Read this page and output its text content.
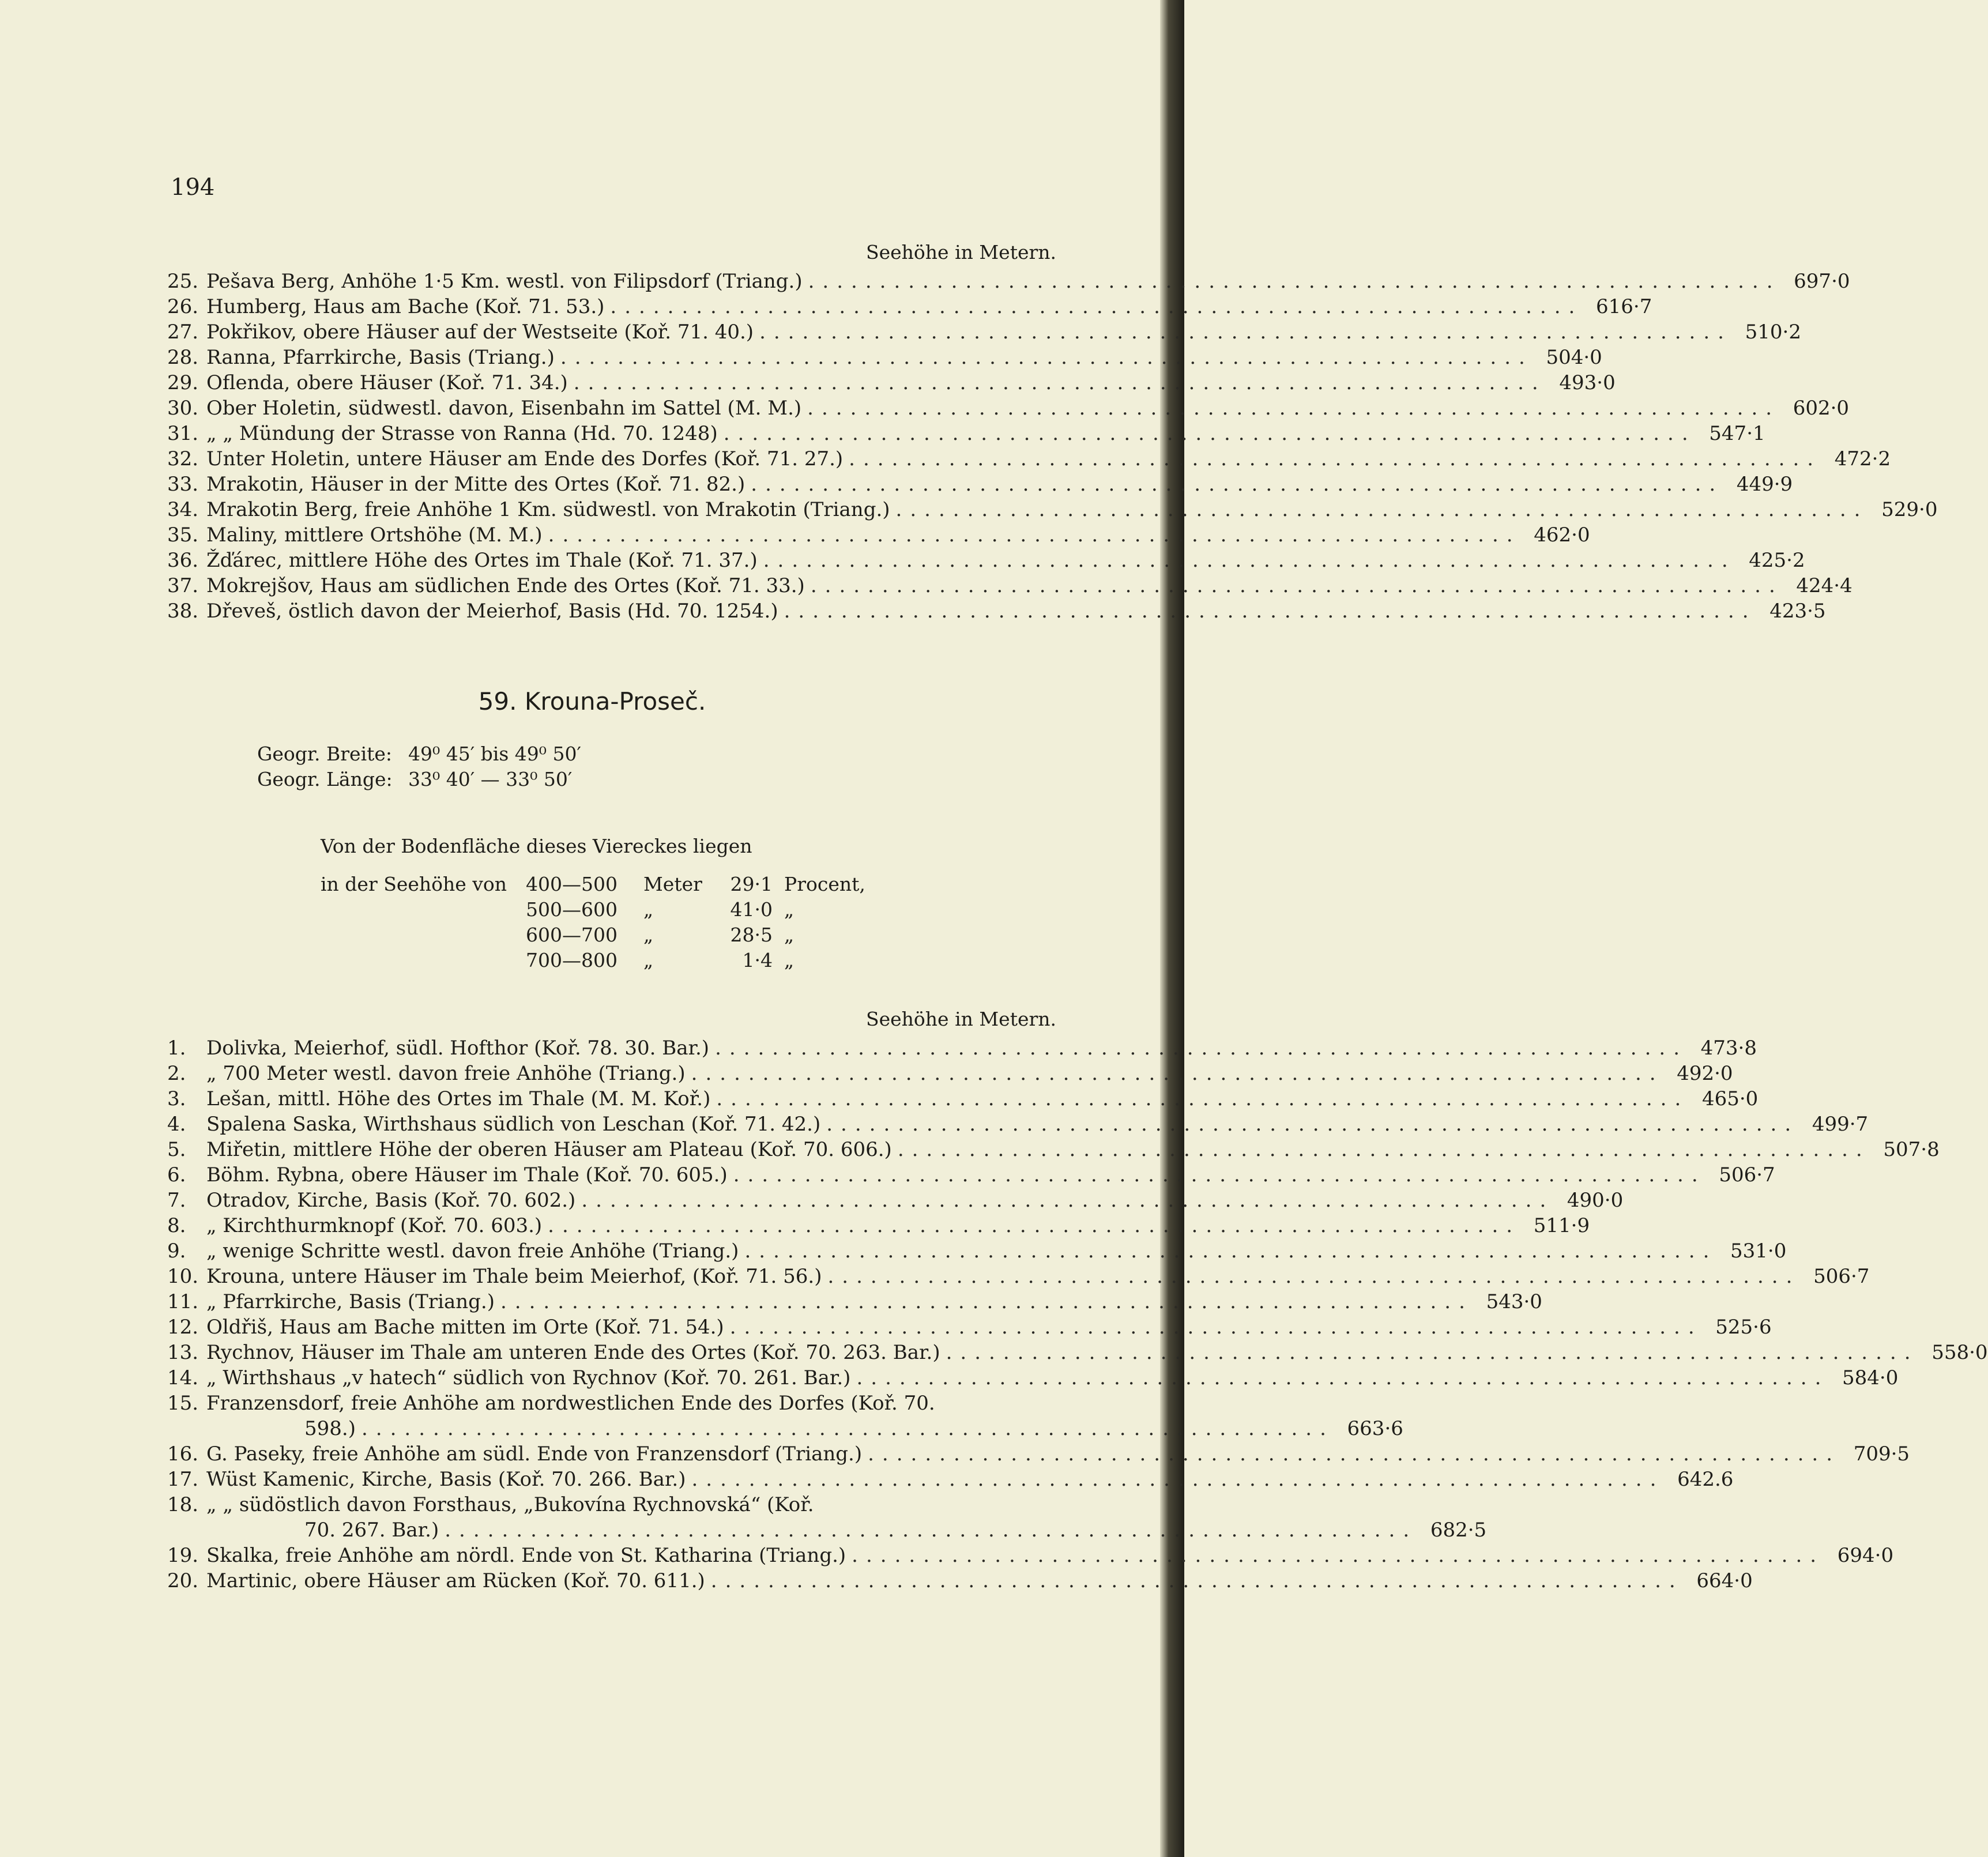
194
Seehöhe in Metern.
25. Pešava Berg, Anhöhe 1·5 Km. westl. von Filipsdorf (Triang.) .................................................................... 697·0
26. Humberg, Haus am Bache (Koř. 71. 53.) .................................................................... 616·7
27. Pokřikov, obere Häuser auf der Westseite (Koř. 71. 40.) .................................................................... 510·2
28. Ranna, Pfarrkirche, Basis (Triang.) .................................................................... 504·0
29. Oflenda, obere Häuser (Koř. 71. 34.) .................................................................... 493·0
30. Ober Holetin, südwestl. davon, Eisenbahn im Sattel (M. M.) .................................................................... 602·0
31. „ „ Mündung der Strasse von Ranna (Hd. 70. 1248) .................................................................... 547·1
32. Unter Holetin, untere Häuser am Ende des Dorfes (Koř. 71. 27.) .................................................................... 472·2
33. Mrakotin, Häuser in der Mitte des Ortes (Koř. 71. 82.) .................................................................... 449·9
34. Mrakotin Berg, freie Anhöhe 1 Km. südwestl. von Mrakotin (Triang.) .................................................................... 529·0
35. Maliny, mittlere Ortshöhe (M. M.) .................................................................... 462·0
36. Žďárec, mittlere Höhe des Ortes im Thale (Koř. 71. 37.) .................................................................... 425·2
37. Mokrejšov, Haus am südlichen Ende des Ortes (Koř. 71. 33.) .................................................................... 424·4
38. Dřeveš, östlich davon der Meierhof, Basis (Hd. 70. 1254.) .................................................................... 423·5
59. Krouna-Proseč.
Geogr. Breite: 49⁰ 45′ bis 49⁰ 50′
Geogr. Länge: 33⁰ 40′ — 33⁰ 50′
Von der Bodenfläche dieses Viereckes liegen
in der Seehöhe von 400—500	Meter	29·1 Procent,
500—600	„	41·0 „
600—700	„	28·5 „
700—800	„	1·4 „
Seehöhe in Metern.
1.	Dolivka, Meierhof, südl. Hofthor (Koř. 78. 30. Bar.) .................................................................... 473·8
2.	„ 700 Meter westl. davon freie Anhöhe (Triang.) .................................................................... 492·0
3.	Lešan, mittl. Höhe des Ortes im Thale (M. M. Koř.) .................................................................... 465·0
4.	Spalena Saska, Wirthshaus südlich von Leschan (Koř. 71. 42.) .................................................................... 499·7
5.	Miřetin, mittlere Höhe der oberen Häuser am Plateau (Koř. 70. 606.) .................................................................... 507·8
6.	Böhm. Rybna, obere Häuser im Thale (Koř. 70. 605.) .................................................................... 506·7
7.	Otradov, Kirche, Basis (Koř. 70. 602.) .................................................................... 490·0
8.	„ Kirchthurmknopf (Koř. 70. 603.) .................................................................... 511·9
9.	„ wenige Schritte westl. davon freie Anhöhe (Triang.) .................................................................... 531·0
10. Krouna, untere Häuser im Thale beim Meierhof, (Koř. 71. 56.) .................................................................... 506·7
11. „ Pfarrkirche, Basis (Triang.) .................................................................... 543·0
12. Oldřiš, Haus am Bache mitten im Orte (Koř. 71. 54.) .................................................................... 525·6
13. Rychnov, Häuser im Thale am unteren Ende des Ortes (Koř. 70. 263. Bar.) .................................................................... 558·0
14. „ Wirthshaus „v hatech“ südlich von Rychnov (Koř. 70. 261. Bar.) .................................................................... 584·0
15. Franzensdorf, freie Anhöhe am nordwestlichen Ende des Dorfes (Koř. 70.
598.) .................................................................... 663·6
16. G. Paseky, freie Anhöhe am südl. Ende von Franzensdorf (Triang.) .................................................................... 709·5
17. Wüst Kamenic, Kirche, Basis (Koř. 70. 266. Bar.) .................................................................... 642.6
18. „ „ südöstlich davon Forsthaus, „Bukovína Rychnovská“ (Koř.
70. 267. Bar.) .................................................................... 682·5
19. Skalka, freie Anhöhe am nördl. Ende von St. Katharina (Triang.) .................................................................... 694·0
20. Martinic, obere Häuser am Rücken (Koř. 70. 611.) .................................................................... 664·0
